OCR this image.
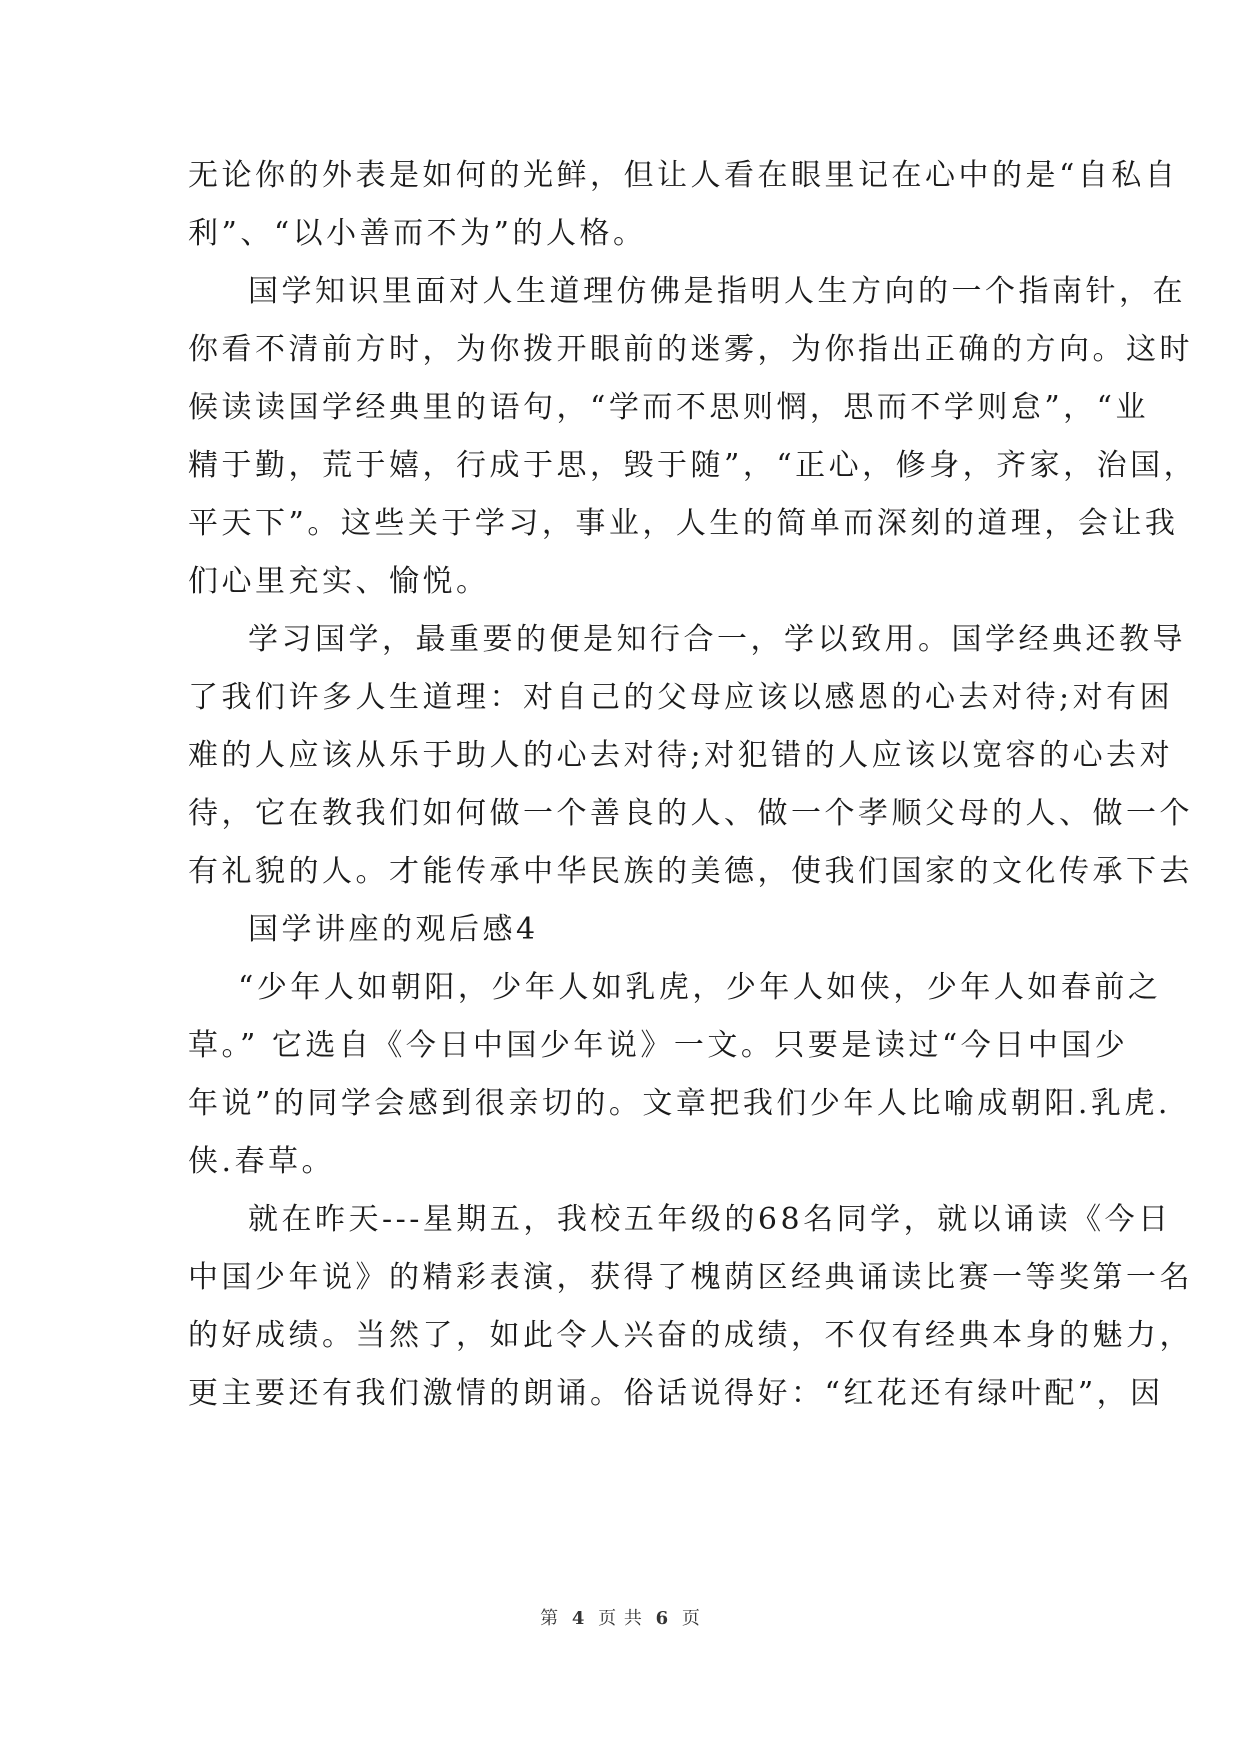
无论你的外表是如何的光鲜，但让人看在眼里记在心中的是“自私自
利”、“以小善而不为”的人格。
国学知识里面对人生道理仿佛是指明人生方向的一个指南针，在
你看不清前方时，为你拨开眼前的迷雾，为你指出正确的方向。这时
候读读国学经典里的语句，“学而不思则惘，思而不学则怠”，“业
精于勤，荒于嬉，行成于思，毁于随”，“正心，修身，齐家，治国，
平天下”。这些关于学习，事业，人生的简单而深刻的道理，会让我
们心里充实、愉悦。
学习国学，最重要的便是知行合一，学以致用。国学经典还教导
了我们许多人生道理：对自己的父母应该以感恩的心去对待;对有困
难的人应该从乐于助人的心去对待;对犯错的人应该以宽容的心去对
待，它在教我们如何做一个善良的人、做一个孝顺父母的人、做一个
有礼貌的人。才能传承中华民族的美德，使我们国家的文化传承下去
国学讲座的观后感4
“少年人如朝阳，少年人如乳虎，少年人如侠，少年人如春前之
草。” 它选自《今日中国少年说》一文。只要是读过“今日中国少
年说”的同学会感到很亲切的。文章把我们少年人比喻成朝阳.乳虎.
侠.春草。
就在昨天---星期五，我校五年级的68名同学，就以诵读《今日
中国少年说》的精彩表演，获得了槐荫区经典诵读比赛一等奖第一名
的好成绩。当然了，如此令人兴奋的成绩，不仅有经典本身的魅力，
更主要还有我们激情的朗诵。俗话说得好：“红花还有绿叶配”，因
第 4 页 共 6 页
